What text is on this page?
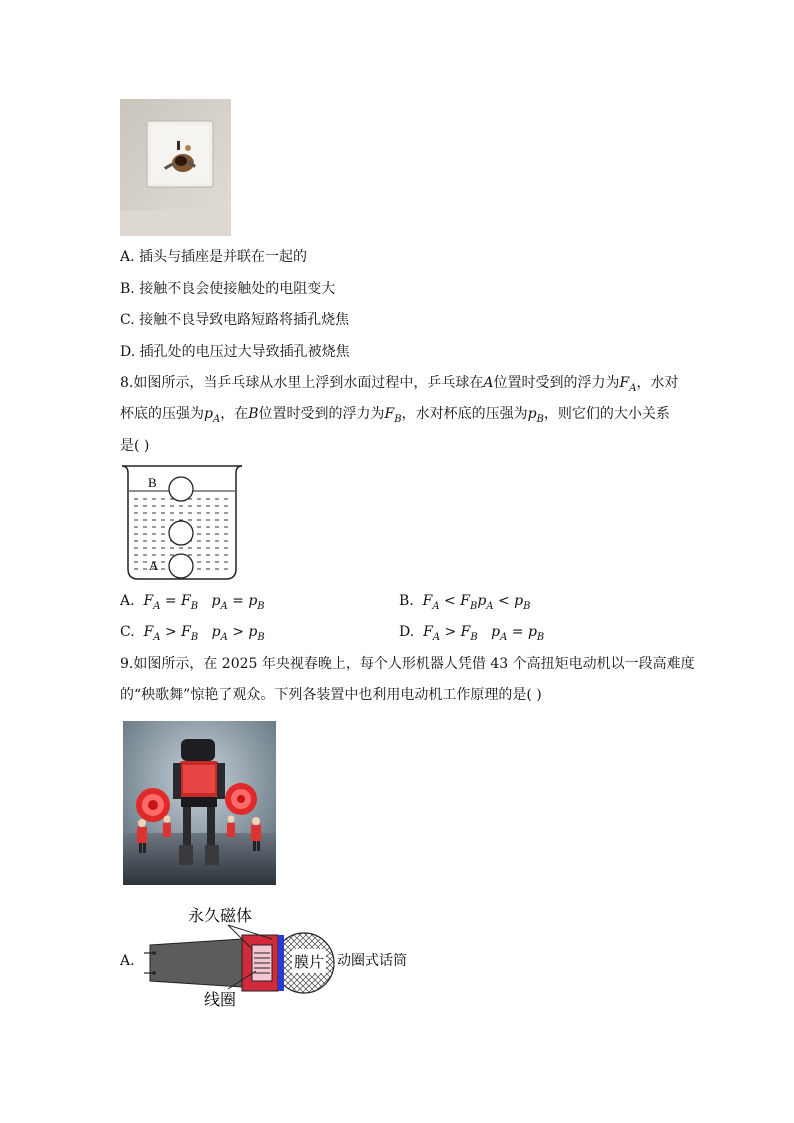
A. 插头与插座是并联在一起的
B. 接触不良会使接触处的电阻变大
C. 接触不良导致电路短路将插孔烧焦
D. 插孔处的电压过大导致插孔被烧焦
8.如图所示，当乒乓球从水里上浮到水面过程中，乒乓球在A位置时受到的浮力为$F_A$，水对
杯底的压强为$p_A$，在B位置时受到的浮力为$F_B$，水对杯底的压强为$p_B$，则它们的大小关系
是( )
B
A
A. $F_A = F_B$   $p_A = p_B$	B. $F_A < F_Bp_A < p_B$
C. $F_A > F_B$   $p_A > p_B$	D. $F_A > F_B$   $p_A = p_B$
9.如图所示，在 2025 年央视春晚上，每个人形机器人凭借 43 个高扭矩电动机以一段高难度
的“秧歌舞”惊艳了观众。下列各装置中也利用电动机工作原理的是( )
A.	膜片
永久磁体
线圈
动圈式话筒
